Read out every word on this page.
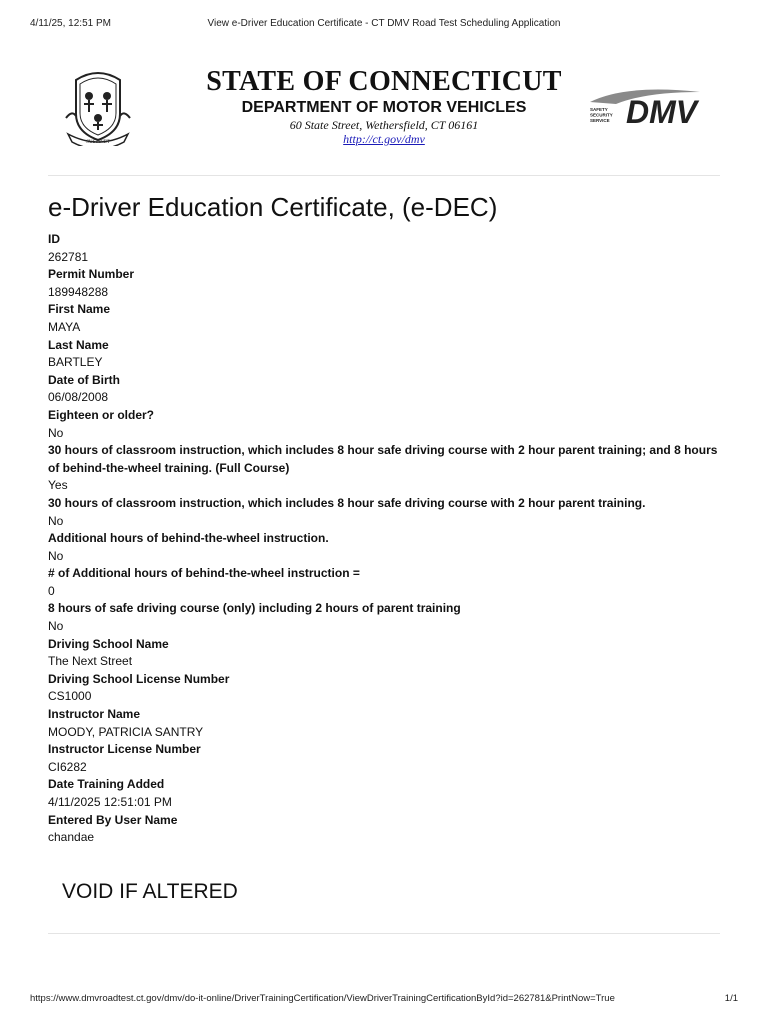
4/11/25, 12:51 PM	View e-Driver Education Certificate - CT DMV Road Test Scheduling Application
SUSTINET
STATE OF CONNECTICUT
DEPARTMENT OF MOTOR VEHICLES
60 State Street, Wethersfield, CT 06161
http://ct.gov/dmv
SAFETY
SECURITY
SERVICE DMV
e-Driver Education Certificate, (e-DEC)
ID
262781
Permit Number
189948288
First Name
MAYA
Last Name
BARTLEY
Date of Birth
06/08/2008
Eighteen or older?
No
30 hours of classroom instruction, which includes 8 hour safe driving course with 2 hour parent training; and 8 hours of behind-the-wheel training. (Full Course)
Yes
30 hours of classroom instruction, which includes 8 hour safe driving course with 2 hour parent training.
No
Additional hours of behind-the-wheel instruction.
No
# of Additional hours of behind-the-wheel instruction =
0
8 hours of safe driving course (only) including 2 hours of parent training
No
Driving School Name
The Next Street
Driving School License Number
CS1000
Instructor Name
MOODY, PATRICIA SANTRY
Instructor License Number
CI6282
Date Training Added
4/11/2025 12:51:01 PM
Entered By User Name
chandae
VOID IF ALTERED
https://www.dmvroadtest.ct.gov/dmv/do-it-online/DriverTrainingCertification/ViewDriverTrainingCertificationById?id=262781&PrintNow=True	1/1
